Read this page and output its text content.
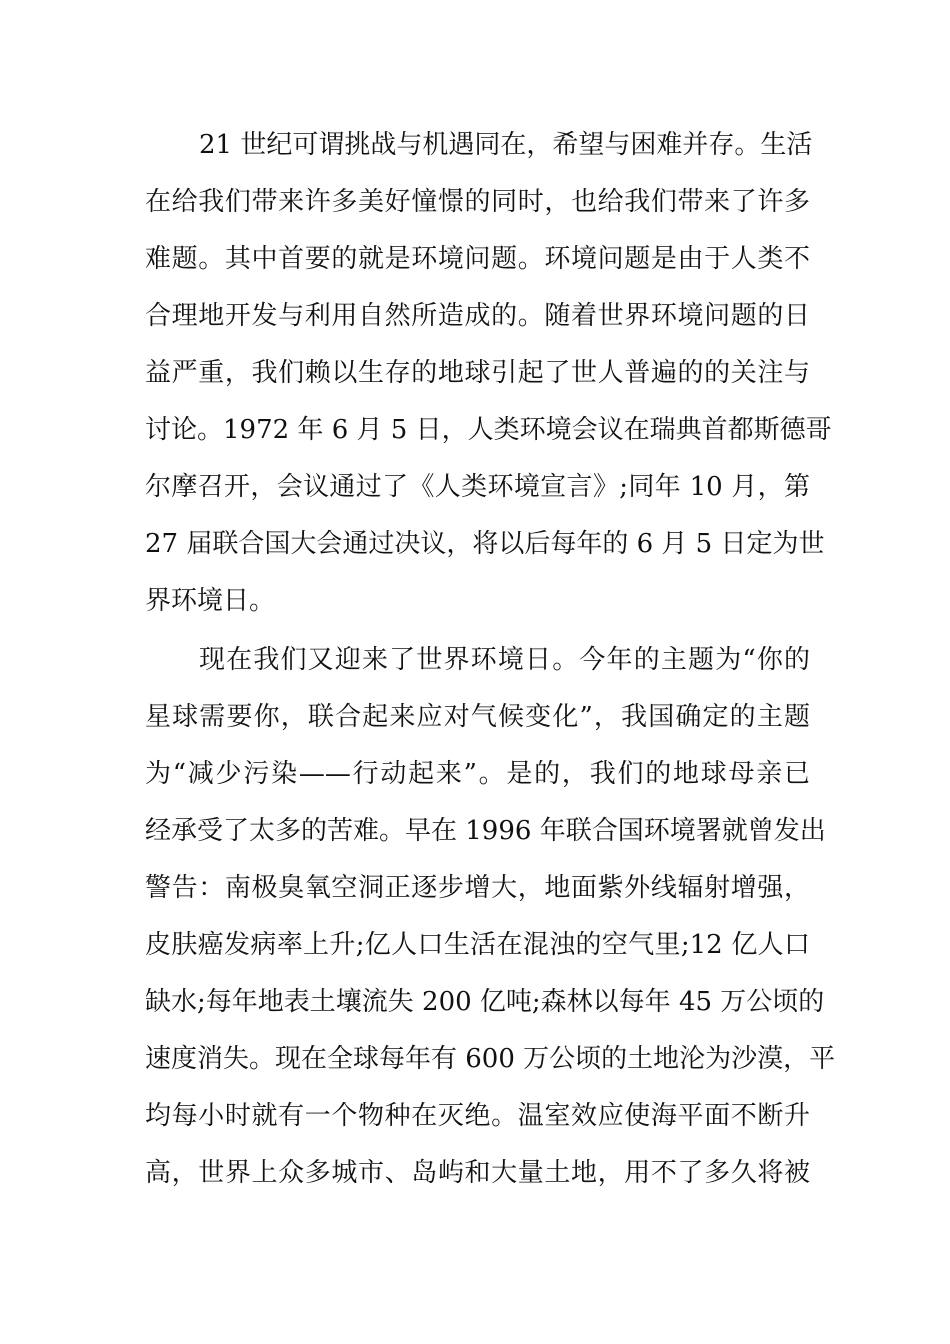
21 世纪可谓挑战与机遇同在，希望与困难并存。生活
在给我们带来许多美好憧憬的同时，也给我们带来了许多
难题。其中首要的就是环境问题。环境问题是由于人类不
合理地开发与利用自然所造成的。随着世界环境问题的日
益严重，我们赖以生存的地球引起了世人普遍的的关注与
讨论。1972 年 6 月 5 日，人类环境会议在瑞典首都斯德哥
尔摩召开，会议通过了《人类环境宣言》;同年 10 月，第
27 届联合国大会通过决议，将以后每年的 6 月 5 日定为世
界环境日。
现在我们又迎来了世界环境日。今年的主题为“你的
星球需要你，联合起来应对气候变化”，我国确定的主题
为“减少污染——行动起来”。是的，我们的地球母亲已
经承受了太多的苦难。早在 1996 年联合国环境署就曾发出
警告：南极臭氧空洞正逐步增大，地面紫外线辐射增强，
皮肤癌发病率上升;亿人口生活在混浊的空气里;12 亿人口
缺水;每年地表土壤流失 200 亿吨;森林以每年 45 万公顷的
速度消失。现在全球每年有 600 万公顷的土地沦为沙漠，平
均每小时就有一个物种在灭绝。温室效应使海平面不断升
高，世界上众多城市、岛屿和大量土地，用不了多久将被
